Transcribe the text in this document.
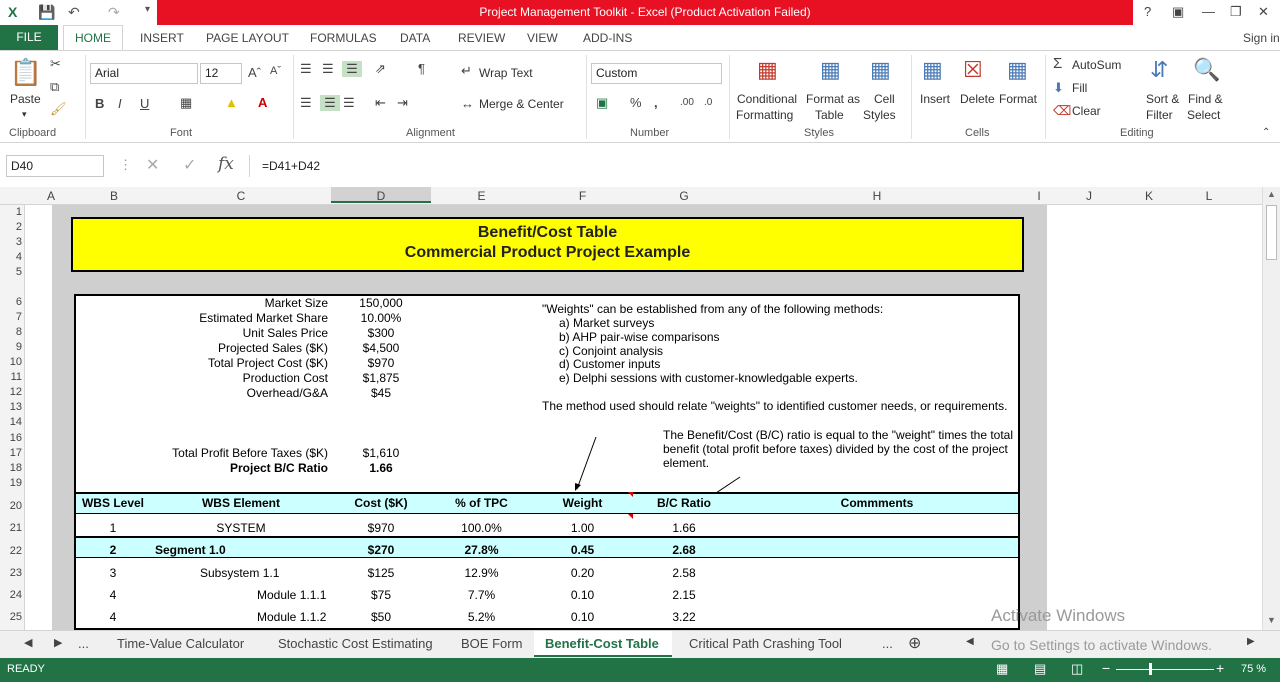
X 💾 ↶ ↷	▾	Project Management Toolkit - Excel (Product Activation Failed)	? ▣ — ❐ ✕
INSERT PAGE LAYOUT FORMULAS DATA REVIEW VIEW ADD-INS	Sign in
FILE	HOME
📋
Paste
▾
✂
⧉
🖌
Clipboard
Arial	12	Aˆ Aˇ
B I U ▦	▲ A
Font
☰ ☰ ☰	⇗ ¶	↵ Wrap Text
☰ ☰ ☰ ⇤ ⇥	↔ Merge & Center
Alignment
Custom
▣ % , .00 .0
Number
▦
Conditional
Formatting
▦
Format as
Table
▦
Cell
Styles
Styles
▦
Insert
☒
Delete
▦
Format
Cells
Σ AutoSum
⬇ Fill
⌫ Clear
⇵
Sort &
Filter
🔍
Find &
Select
Editing	⌃
D40	⋮ ✕ ✓ fx	=D41+D42
A	B	C	D	E	F	G	H	I	J	K	L
1
2
3
4
5
6
7
8
9
10
11
12
13
14
16
17
18
19
20
21
22
23
24
25
Benefit/Cost Table
Commercial Product Project Example
Market Size
Estimated Market Share
Unit Sales Price
Projected Sales ($K)
Total Project Cost ($K)
Production Cost
Overhead/G&A
150,000
10.00%
$300
$4,500
$970
$1,875
$45
Total Profit Before Taxes ($K)	$1,610
Project B/C Ratio	1.66
"Weights" can be established from any of the following methods:
a) Market surveys
b) AHP pair-wise comparisons
c) Conjoint analysis
d) Customer inputs
e) Delphi sessions with customer-knowledgable experts.
The method used should relate "weights" to identified customer needs, or requirements.
The Benefit/Cost (B/C) ratio is equal to the "weight" times the total
benefit (total profit before taxes) divided by the cost of the project
element.
WBS Level	WBS Element	Cost ($K)	% of TPC	Weight	B/C Ratio	Commments
1	SYSTEM	$970	100.0%	1.00	1.66
2	Segment 1.0	$270	27.8%	0.45	2.68
3	Subsystem 1.1	$125	12.9%	0.20	2.58
4	Module 1.1.1	$75	7.7%	0.10	2.15
4	Module 1.1.2	$50	5.2%	0.10	3.22	Activate Windows
▲
▼
◀ ▶ ... Time-Value Calculator	Stochastic Cost Estimating BOE Form Benefit-Cost Table Critical Path Crashing Tool	... ⊕	Go to Settings to activate Windows.
◀	▶
READY	▦ ▤ ◫ −	+ 75 %
